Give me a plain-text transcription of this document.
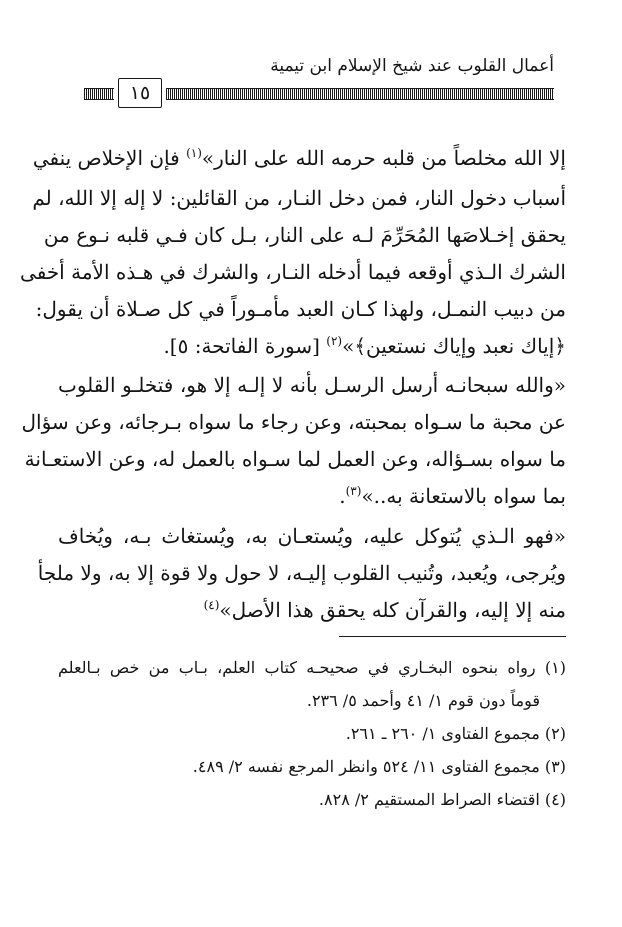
أعمال القلوب عند شيخ الإسلام ابن تيمية
١٥
إلا الله مخلصاً من قلبه حرمه الله على النار»$^{(١)}$ فإن الإخلاص ينفي
أسباب دخول النار، فمن دخل النـار، من القائلين: لا إله إلا الله، لم
يحقق إخـلاصَها المُحَرِّمَ لـه على النار، بـل كان فـي قلبه نـوع من
الشرك الـذي أوقعه فيما أدخله النـار، والشرك في هـذه الأمة أخفى
من دبيب النمـل، ولهذا كـان العبد مأمـوراً في كل صـلاة أن يقول:
﴿إياك نعبد وإياك نستعين﴾»$^{(٢)}$ [سورة الفاتحة: ٥].
«والله سبحانـه أرسل الرسـل بأنه لا إلـه إلا هو، فتخلـو القلوب
عن محبة ما سـواه بمحبته، وعن رجاء ما سواه بـرجائه، وعن سؤال
ما سواه بسـؤاله، وعن العمل لما سـواه بالعمل له، وعن الاستعـانة
بما سواه بالاستعانة به..»$^{(٣)}$.
«فهو الـذي يُتوكل عليه، ويُستعـان به، ويُستغاث بـه، ويُخاف
ويُرجى، ويُعبد، وتُنيب القلوب إليـه، لا حول ولا قوة إلا به، ولا ملجأ
منه إلا إليه، والقرآن كله يحقق هذا الأصل»$^{(٤)}$
(١) رواه بنحوه البخـاري في صحيحـه كتاب العلم، بـاب من خص بـالعلم
قوماً دون قوم ١/ ٤١ وأحمد ٥/ ٢٣٦.
(٢) مجموع الفتاوى ١/ ٢٦٠ ـ ٢٦١.
(٣) مجموع الفتاوى ١١/ ٥٢٤ وانظر المرجع نفسه ٢/ ٤٨٩.
(٤) اقتضاء الصراط المستقيم ٢/ ٨٢٨.
